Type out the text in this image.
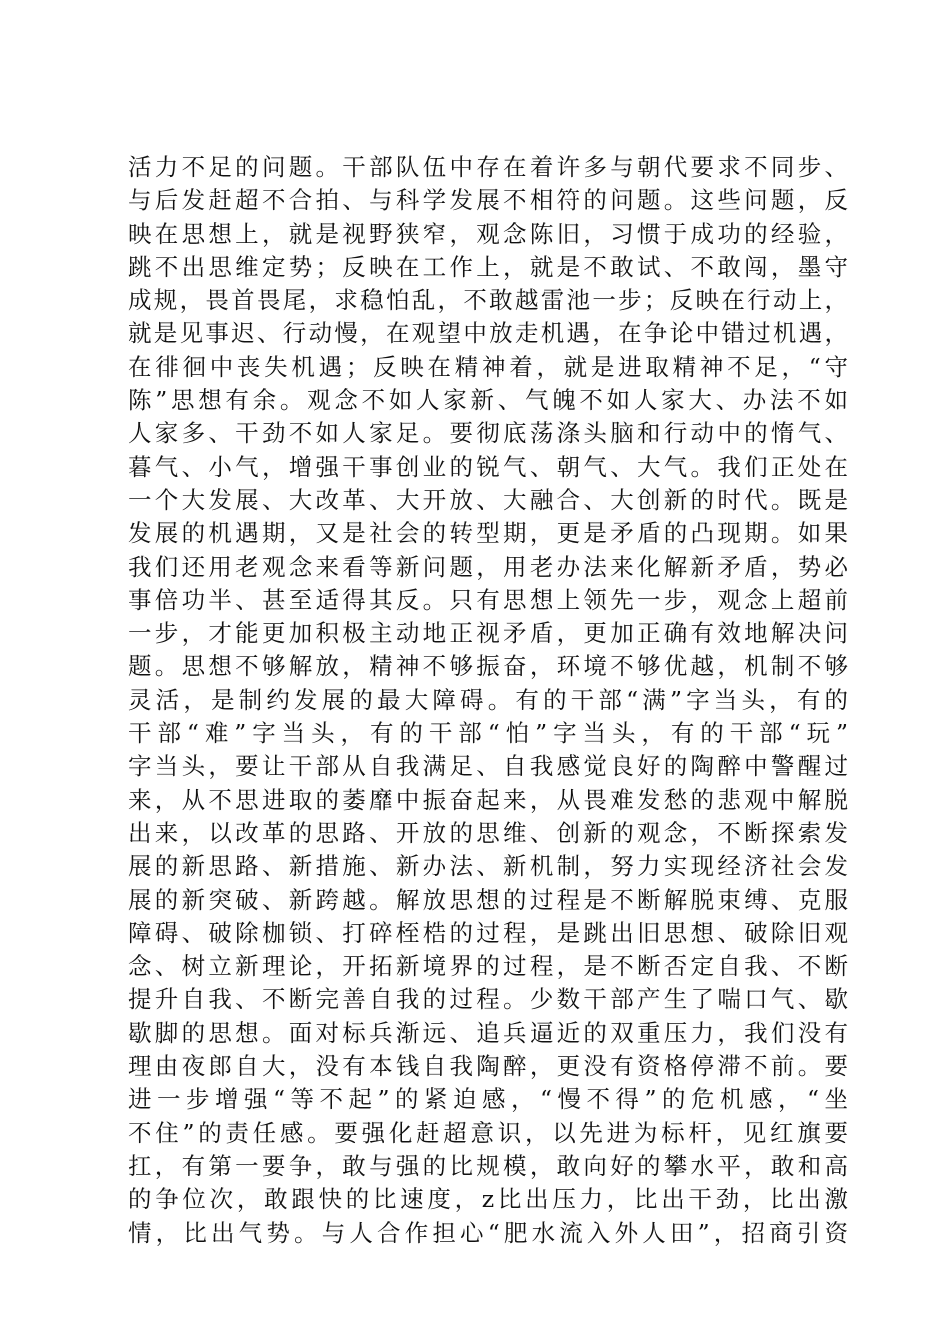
活力不足的问题。干部队伍中存在着许多与朝代要求不同步、
与后发赶超不合拍、与科学发展不相符的问题。这些问题，反
映在思想上，就是视野狭窄，观念陈旧，习惯于成功的经验，
跳不出思维定势；反映在工作上，就是不敢试、不敢闯，墨守
成规，畏首畏尾，求稳怕乱，不敢越雷池一步；反映在行动上，
就是见事迟、行动慢，在观望中放走机遇，在争论中错过机遇，
在徘徊中丧失机遇；反映在精神着，就是进取精神不足，“守
陈”思想有余。观念不如人家新、气魄不如人家大、办法不如
人家多、干劲不如人家足。要彻底荡涤头脑和行动中的惰气、
暮气、小气，增强干事创业的锐气、朝气、大气。我们正处在
一个大发展、大改革、大开放、大融合、大创新的时代。既是
发展的机遇期，又是社会的转型期，更是矛盾的凸现期。如果
我们还用老观念来看等新问题，用老办法来化解新矛盾，势必
事倍功半、甚至适得其反。只有思想上领先一步，观念上超前
一步，才能更加积极主动地正视矛盾，更加正确有效地解决问
题。思想不够解放，精神不够振奋，环境不够优越，机制不够
灵活，是制约发展的最大障碍。有的干部“满”字当头，有的
干部“难”字当头，有的干部“怕”字当头，有的干部“玩”
字当头，要让干部从自我满足、自我感觉良好的陶醉中警醒过
来，从不思进取的萎靡中振奋起来，从畏难发愁的悲观中解脱
出来，以改革的思路、开放的思维、创新的观念，不断探索发
展的新思路、新措施、新办法、新机制，努力实现经济社会发
展的新突破、新跨越。解放思想的过程是不断解脱束缚、克服
障碍、破除枷锁、打碎桎梏的过程，是跳出旧思想、破除旧观
念、树立新理论，开拓新境界的过程，是不断否定自我、不断
提升自我、不断完善自我的过程。少数干部产生了喘口气、歇
歇脚的思想。面对标兵渐远、追兵逼近的双重压力，我们没有
理由夜郎自大，没有本钱自我陶醉，更没有资格停滞不前。要
进一步增强“等不起”的紧迫感，“慢不得”的危机感，“坐
不住”的责任感。要强化赶超意识，以先进为标杆，见红旗要
扛，有第一要争，敢与强的比规模，敢向好的攀水平，敢和高
的争位次，敢跟快的比速度，z比出压力，比出干劲，比出激
情，比出气势。与人合作担心“肥水流入外人田”，招商引资
